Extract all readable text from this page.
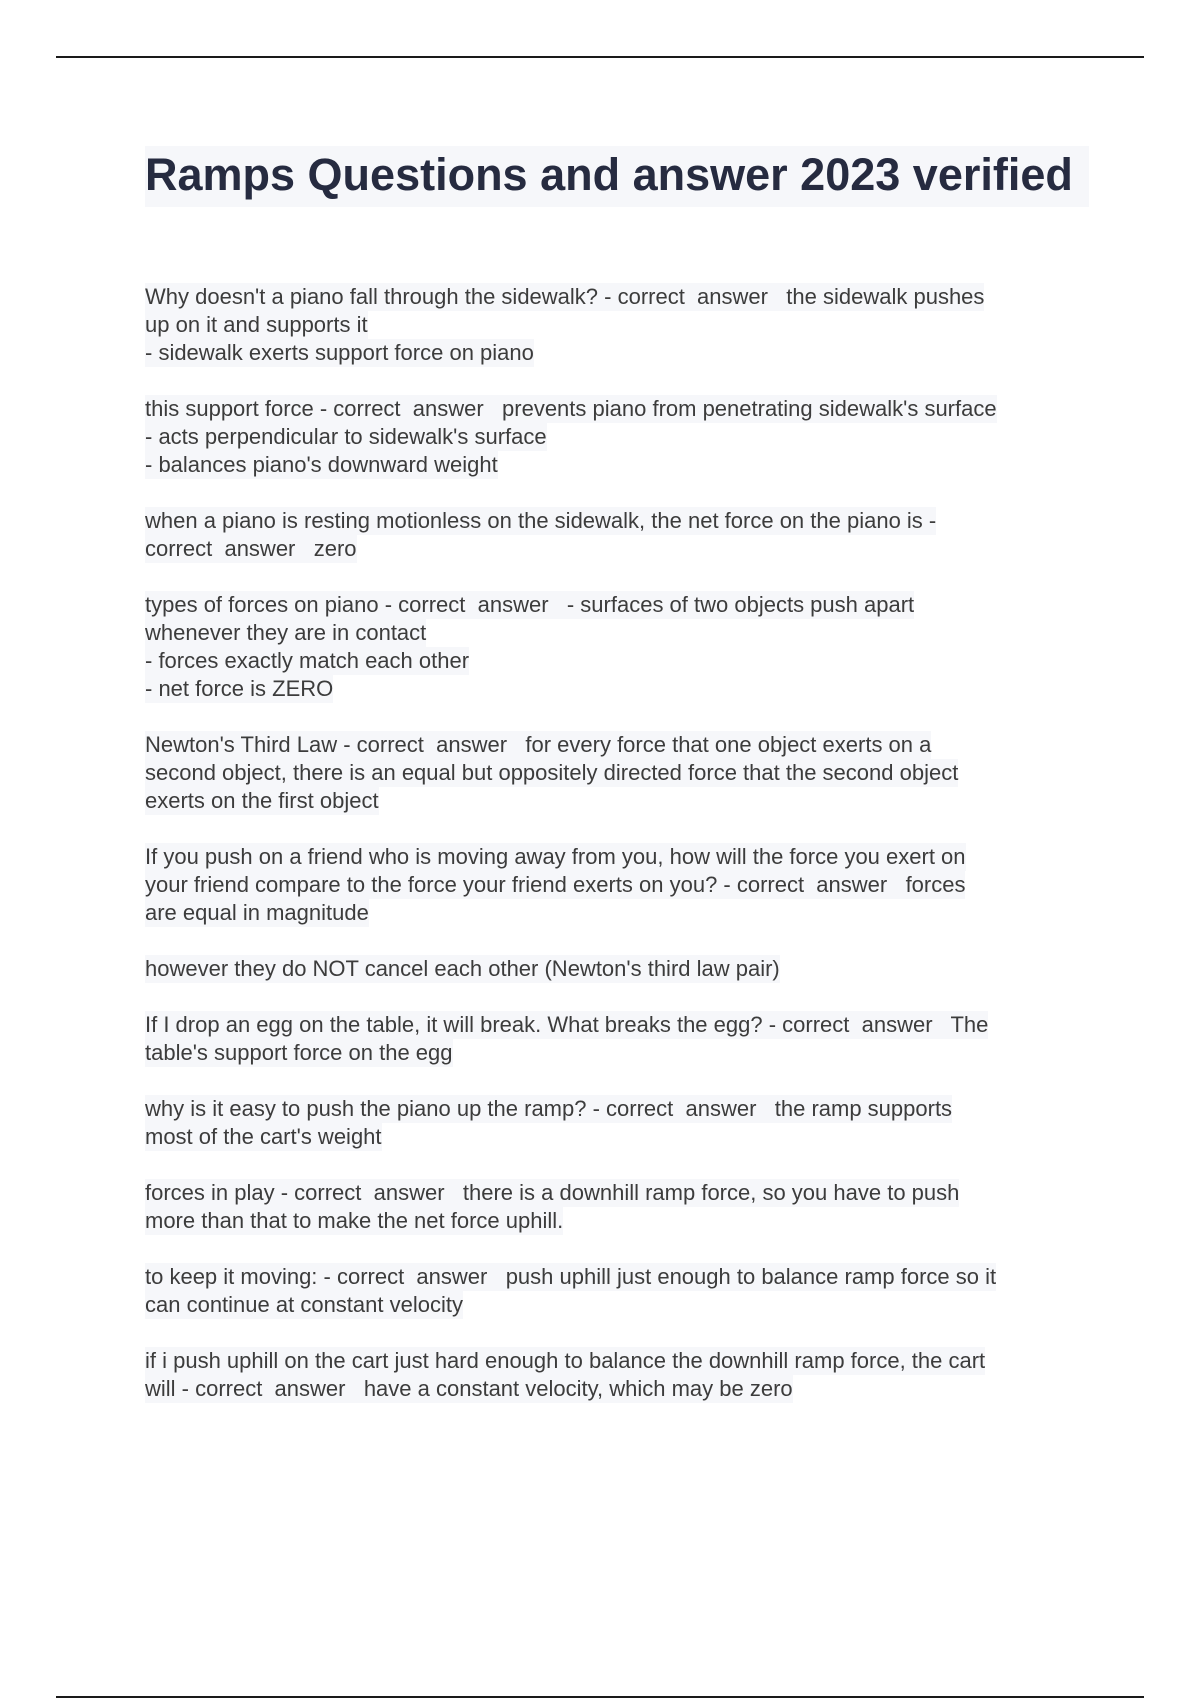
Ramps Questions and answer 2023 verified
Why doesn't a piano fall through the sidewalk? - correct  answer   the sidewalk pushes
up on it and supports it
- sidewalk exerts support force on piano
this support force - correct  answer   prevents piano from penetrating sidewalk's surface
- acts perpendicular to sidewalk's surface
- balances piano's downward weight
when a piano is resting motionless on the sidewalk, the net force on the piano is -
correct  answer   zero
types of forces on piano - correct  answer   - surfaces of two objects push apart
whenever they are in contact
- forces exactly match each other
- net force is ZERO
Newton's Third Law - correct  answer   for every force that one object exerts on a
second object, there is an equal but oppositely directed force that the second object
exerts on the first object
If you push on a friend who is moving away from you, how will the force you exert on
your friend compare to the force your friend exerts on you? - correct  answer   forces
are equal in magnitude
however they do NOT cancel each other (Newton's third law pair)
If I drop an egg on the table, it will break. What breaks the egg? - correct  answer   The
table's support force on the egg
why is it easy to push the piano up the ramp? - correct  answer   the ramp supports
most of the cart's weight
forces in play - correct  answer   there is a downhill ramp force, so you have to push
more than that to make the net force uphill.
to keep it moving: - correct  answer   push uphill just enough to balance ramp force so it
can continue at constant velocity
if i push uphill on the cart just hard enough to balance the downhill ramp force, the cart
will - correct  answer   have a constant velocity, which may be zero
